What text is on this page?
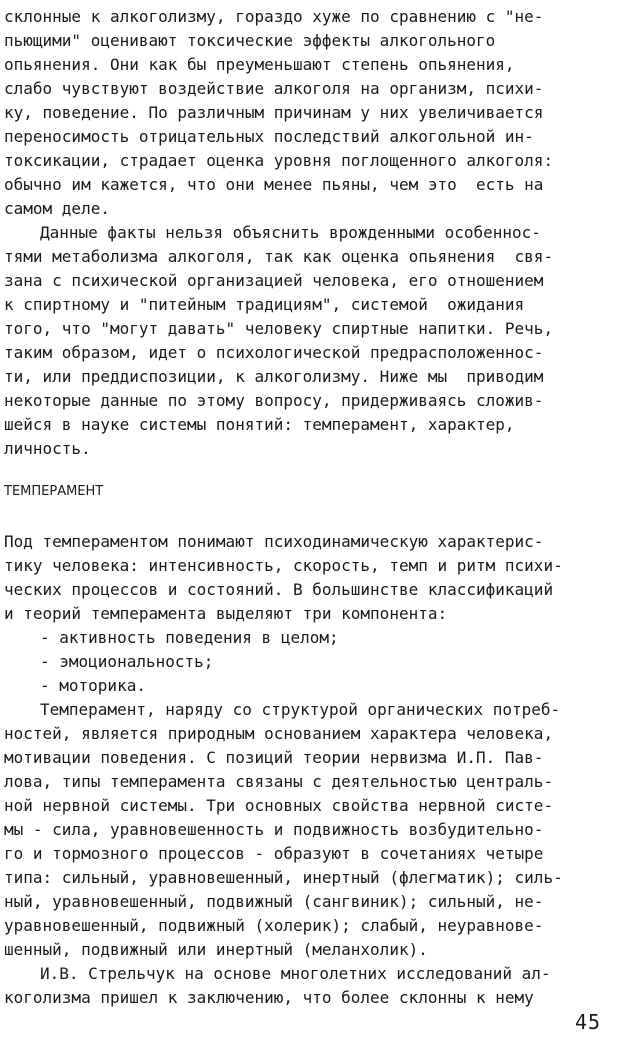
склонные к алкоголизму, гораздо хуже по сравнению с "не-
пьющими" оценивают токсические эффекты алкогольного
опьянения. Они как бы преуменьшают степень опьянения,
слабо чувствуют воздействие алкоголя на организм, психи-
ку, поведение. По различным причинам у них увеличивается
переносимость отрицательных последствий алкогольной ин-
токсикации, страдает оценка уровня поглощенного алкоголя:
обычно им кажется, что они менее пьяны, чем это  есть на
самом деле.
Данные факты нельзя объяснить врожденными особеннос-
тями метаболизма алкоголя, так как оценка опьянения  свя-
зана с психической организацией человека, его отношением
к спиртному и "питейным традициям", системой  ожидания
того, что "могут давать" человеку спиртные напитки. Речь,
таким образом, идет о психологической предрасположеннос-
ти, или преддиспозиции, к алкоголизму. Ниже мы  приводим
некоторые данные по этому вопросу, придерживаясь сложив-
шейся в науке системы понятий: темперамент, характер,
личность.
ТЕМПЕРАМЕНТ
Под темпераментом понимают психодинамическую характерис-
тику человека: интенсивность, скорость, темп и ритм психи-
ческих процессов и состояний. В большинстве классификаций
и теорий темперамента выделяют три компонента:
- активность поведения в целом;
- эмоциональность;
- моторика.
Темперамент, наряду со структурой органических потреб-
ностей, является природным основанием характера человека,
мотивации поведения. С позиций теории нервизма И.П. Пав-
лова, типы темперамента связаны с деятельностью централь-
ной нервной системы. Три основных свойства нервной систе-
мы - сила, уравновешенность и подвижность возбудительно-
го и тормозного процессов - образуют в сочетаниях четыре
типа: сильный, уравновешенный, инертный (флегматик); силь-
ный, уравновешенный, подвижный (сангвиник); сильный, не-
уравновешенный, подвижный (холерик); слабый, неуравнове-
шенный, подвижный или инертный (меланхолик).
И.В. Стрельчук на основе многолетних исследований ал-
коголизма пришел к заключению, что более склонны к нему
45
